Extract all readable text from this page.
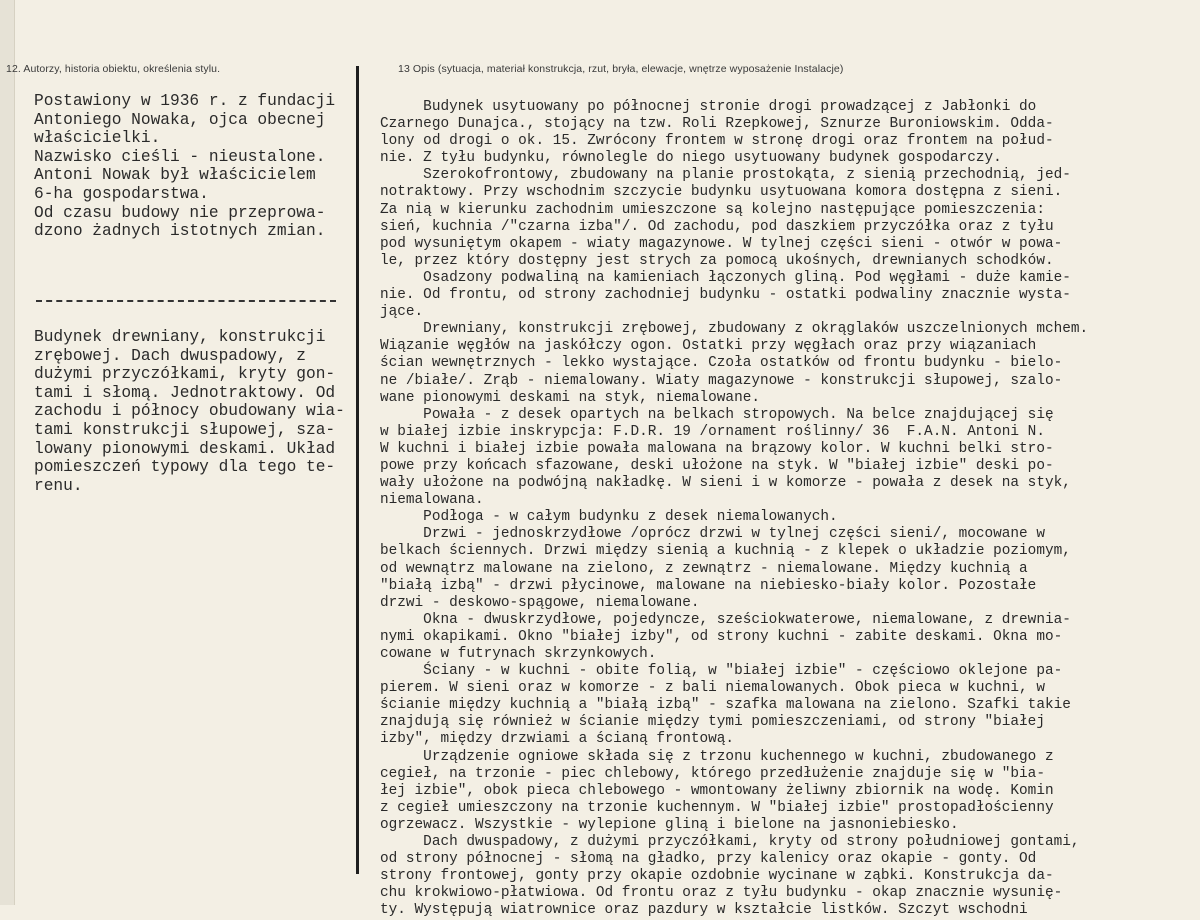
12. Autorzy, historia obiektu, określenia stylu.	13 Opis (sytuacja, materiał konstrukcja, rzut, bryła, elewacje, wnętrze wyposażenie Instalacje)
Postawiony w 1936 r. z fundacji
Antoniego Nowaka, ojca obecnej
właścicielki.
Nazwisko cieśli - nieustalone.
Antoni Nowak był właścicielem
6-ha gospodarstwa.
Od czasu budowy nie przeprowa-
dzono żadnych istotnych zmian.
Budynek drewniany, konstrukcji
zrębowej. Dach dwuspadowy, z
dużymi przyczółkami, kryty gon-
tami i słomą. Jednotraktowy. Od
zachodu i północy obudowany wia-
tami konstrukcji słupowej, sza-
lowany pionowymi deskami. Układ
pomieszczeń typowy dla tego te-
renu.
Budynek usytuowany po północnej stronie drogi prowadzącej z Jabłonki do
Czarnego Dunajca., stojący na tzw. Roli Rzepkowej, Sznurze Buroniowskim. Odda-
lony od drogi o ok. 15. Zwrócony frontem w stronę drogi oraz frontem na połud-
nie. Z tyłu budynku, równolegle do niego usytuowany budynek gospodarczy.
Szerokofrontowy, zbudowany na planie prostokąta, z sienią przechodnią, jed-
notraktowy. Przy wschodnim szczycie budynku usytuowana komora dostępna z sieni.
Za nią w kierunku zachodnim umieszczone są kolejno następujące pomieszczenia:
sień, kuchnia /"czarna izba"/. Od zachodu, pod daszkiem przyczółka oraz z tyłu
pod wysuniętym okapem - wiaty magazynowe. W tylnej części sieni - otwór w powa-
le, przez który dostępny jest strych za pomocą ukośnych, drewnianych schodków.
Osadzony podwaliną na kamieniach łączonych gliną. Pod węgłami - duże kamie-
nie. Od frontu, od strony zachodniej budynku - ostatki podwaliny znacznie wysta-
jące.
Drewniany, konstrukcji zrębowej, zbudowany z okrąglaków uszczelnionych mchem.
Wiązanie węgłów na jaskółczy ogon. Ostatki przy węgłach oraz przy wiązaniach
ścian wewnętrznych - lekko wystające. Czoła ostatków od frontu budynku - bielo-
ne /białe/. Zrąb - niemalowany. Wiaty magazynowe - konstrukcji słupowej, szalo-
wane pionowymi deskami na styk, niemalowane.
Powała - z desek opartych na belkach stropowych. Na belce znajdującej się
w białej izbie inskrypcja: F.D.R. 19 /ornament roślinny/ 36  F.A.N. Antoni N.
W kuchni i białej izbie powała malowana na brązowy kolor. W kuchni belki stro-
powe przy końcach sfazowane, deski ułożone na styk. W "białej izbie" deski po-
wały ułożone na podwójną nakładkę. W sieni i w komorze - powała z desek na styk,
niemalowana.
Podłoga - w całym budynku z desek niemalowanych.
Drzwi - jednoskrzydłowe /oprócz drzwi w tylnej części sieni/, mocowane w
belkach ściennych. Drzwi między sienią a kuchnią - z klepek o układzie poziomym,
od wewnątrz malowane na zielono, z zewnątrz - niemalowane. Między kuchnią a
"białą izbą" - drzwi płycinowe, malowane na niebiesko-biały kolor. Pozostałe
drzwi - deskowo-spągowe, niemalowane.
Okna - dwuskrzydłowe, pojedyncze, sześciokwaterowe, niemalowane, z drewnia-
nymi okapikami. Okno "białej izby", od strony kuchni - zabite deskami. Okna mo-
cowane w futrynach skrzynkowych.
Ściany - w kuchni - obite folią, w "białej izbie" - częściowo oklejone pa-
pierem. W sieni oraz w komorze - z bali niemalowanych. Obok pieca w kuchni, w
ścianie między kuchnią a "białą izbą" - szafka malowana na zielono. Szafki takie
znajdują się również w ścianie między tymi pomieszczeniami, od strony "białej
izby", między drzwiami a ścianą frontową.
Urządzenie ogniowe składa się z trzonu kuchennego w kuchni, zbudowanego z
cegieł, na trzonie - piec chlebowy, którego przedłużenie znajduje się w "bia-
łej izbie", obok pieca chlebowego - wmontowany żeliwny zbiornik na wodę. Komin
z cegieł umieszczony na trzonie kuchennym. W "białej izbie" prostopadłościenny
ogrzewacz. Wszystkie - wylepione gliną i bielone na jasnoniebiesko.
Dach dwuspadowy, z dużymi przyczółkami, kryty od strony południowej gontami,
od strony północnej - słomą na gładko, przy kalenicy oraz okapie - gonty. Od
strony frontowej, gonty przy okapie ozdobnie wycinane w ząbki. Konstrukcja da-
chu krokwiowo-płatwiowa. Od frontu oraz z tyłu budynku - okap znacznie wysunię-
ty. Występują wiatrownice oraz pazdury w kształcie listków. Szczyt wschodni
